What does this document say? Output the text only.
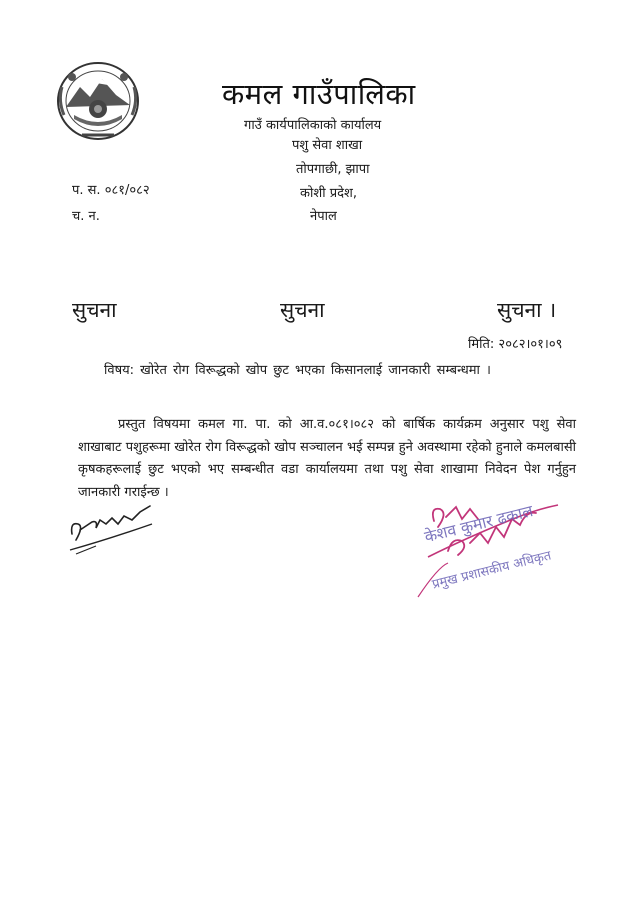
कमल गाउँपालिका
गाउँ कार्यपालिकाको कार्यालय
पशु सेवा शाखा
तोपगाछी, झापा
कोशी प्रदेश,
नेपाल
प. स. ०८१/०८२
च. न.
सुचना	सुचना	सुचना ।
मिति: २०८२।०१।०९
विषय: खोरेत रोग विरूद्धको खोप छुट भएका किसानलाई जानकारी सम्बन्धमा ।
प्रस्तुत विषयमा कमल गा. पा. को आ.व.०८१।०८२ को बार्षिक कार्यक्रम अनुसार पशु सेवा शाखाबाट पशुहरूमा खोरेत रोग विरूद्धको खोप सञ्चालन भई सम्पन्न हुने अवस्थामा रहेको हुनाले कमलबासी कृषकहरूलाई छुट भएको भए सम्बन्धीत वडा कार्यालयमा तथा पशु सेवा शाखामा निवेदन पेश गर्नुहुन जानकारी गराईन्छ ।
केशव कुमार ढकाल
प्रमुख प्रशासकीय अधिकृत
